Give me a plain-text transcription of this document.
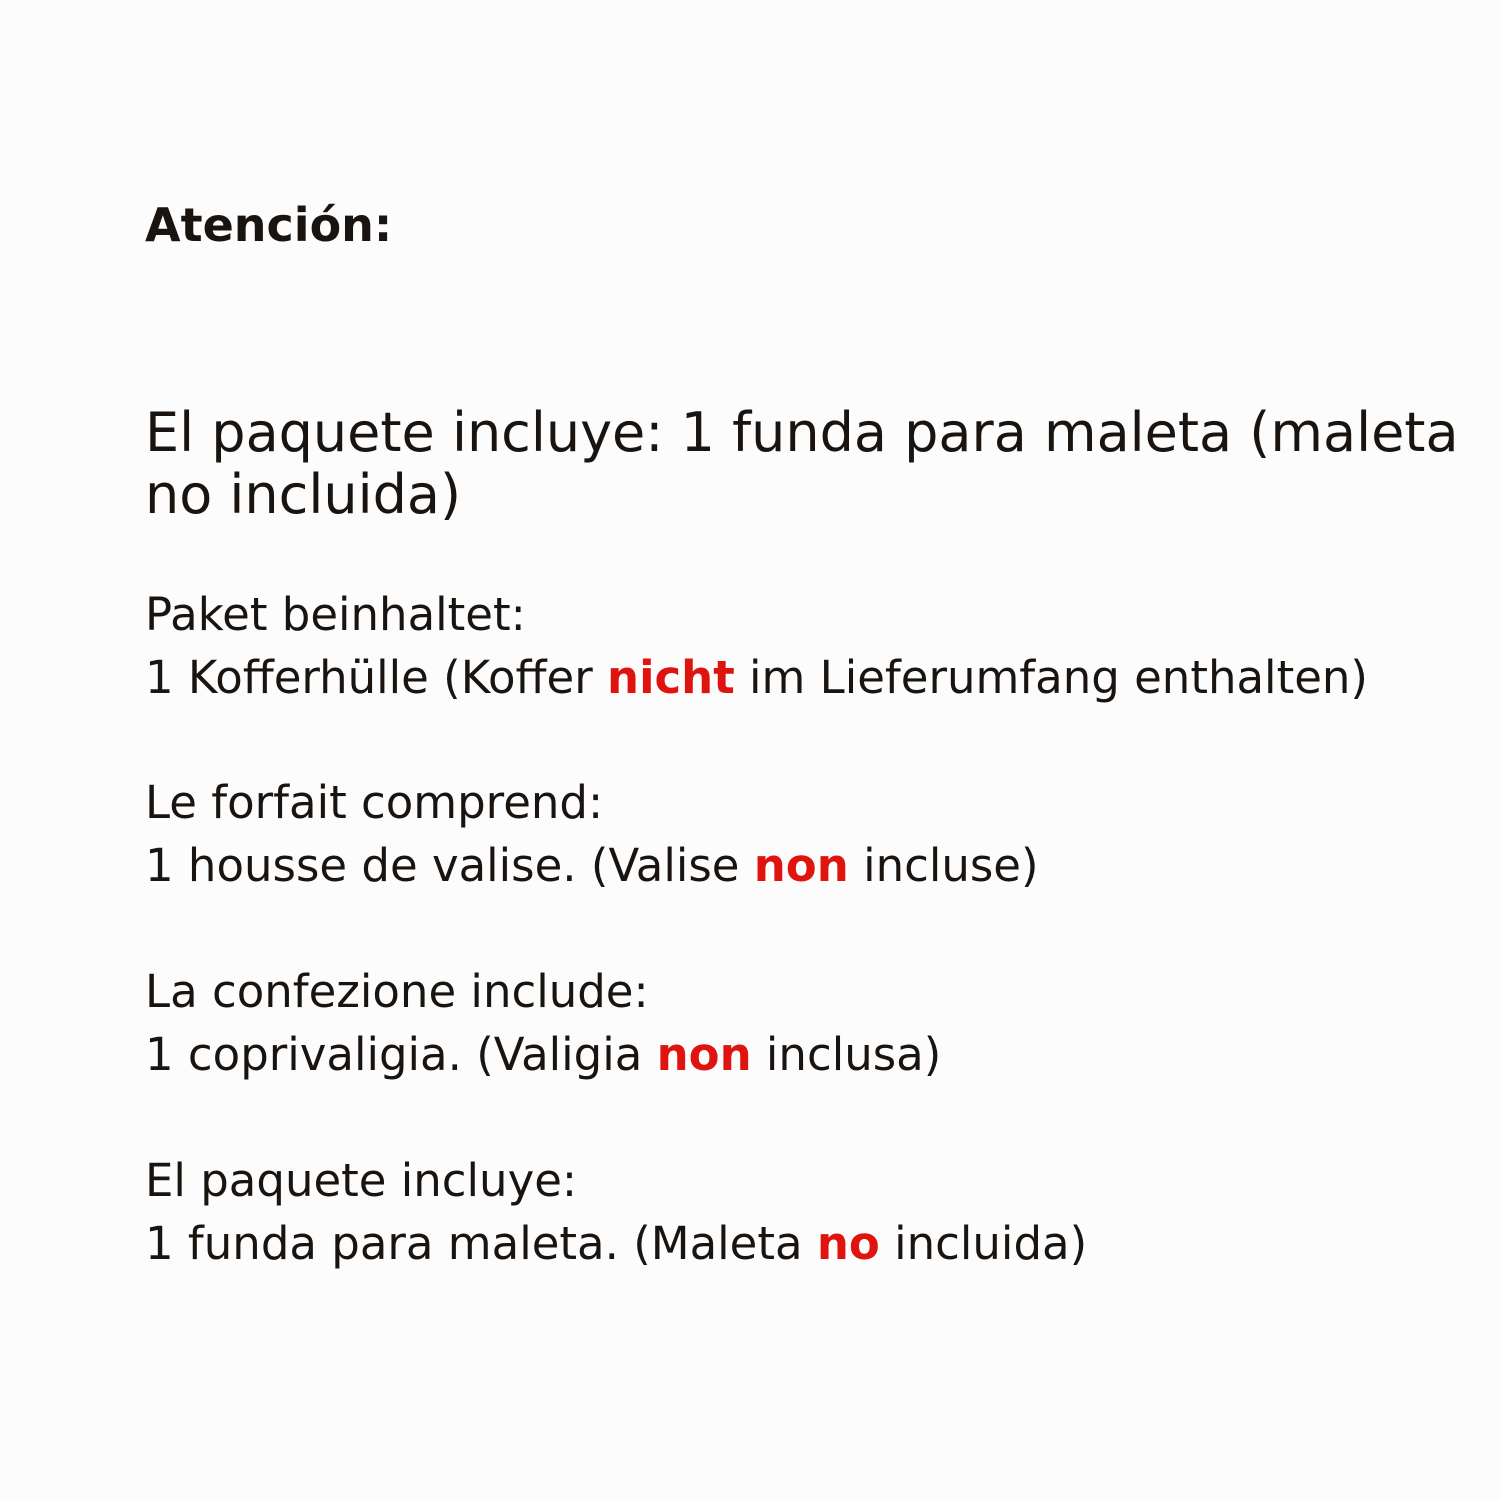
Atención:
El paquete incluye: 1 funda para maleta (maleta
no incluida)
Paket beinhaltet:
1 Kofferhülle (Koffer nicht im Lieferumfang enthalten)
Le forfait comprend:
1 housse de valise. (Valise non incluse)
La confezione include:
1 coprivaligia. (Valigia non inclusa)
El paquete incluye:
1 funda para maleta. (Maleta no incluida)
